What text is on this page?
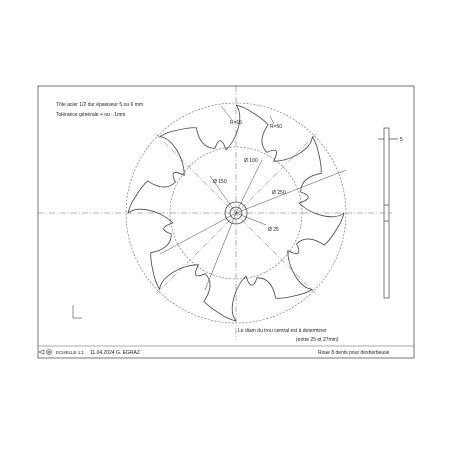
Tôle acier 1/2 dur épaisseur 5 ou 6 mm
Tolérance générale + ou - 1mm
R=15
R=50
Ø 100
Ø 150
Ø 250
Ø 25
5
Le diam du trou central est à determiner
(entre 25 et 27mm)
ECHELLE 1:1 11.04.2024 G. EGRAZ	Roue 8 dents pour désherbeuse
